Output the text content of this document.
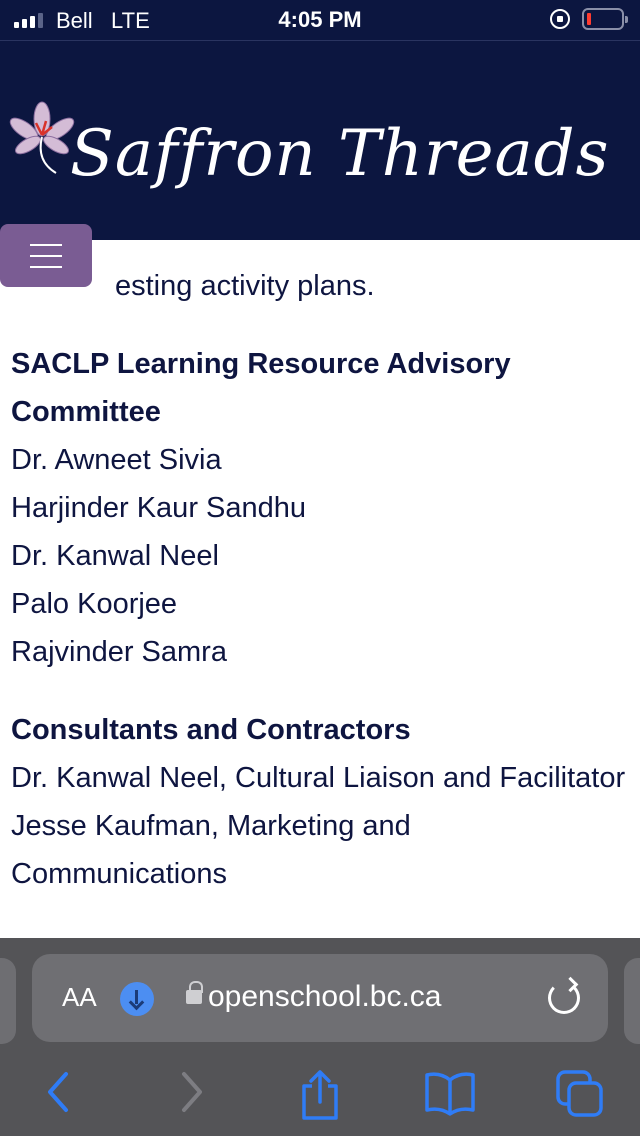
Bell LTE	4:05 PM
Saffron Threads

esting activity plans.

SACLP Learning Resource Advisory Committee

Dr. Awneet Sivia

Harjinder Kaur Sandhu

Dr. Kanwal Neel

Palo Koorjee

Rajvinder Samra

Consultants and Contractors

Dr. Kanwal Neel, Cultural Liaison and Facilitator

Jesse Kaufman, Marketing and Communications

AA	openschool.bc.ca
